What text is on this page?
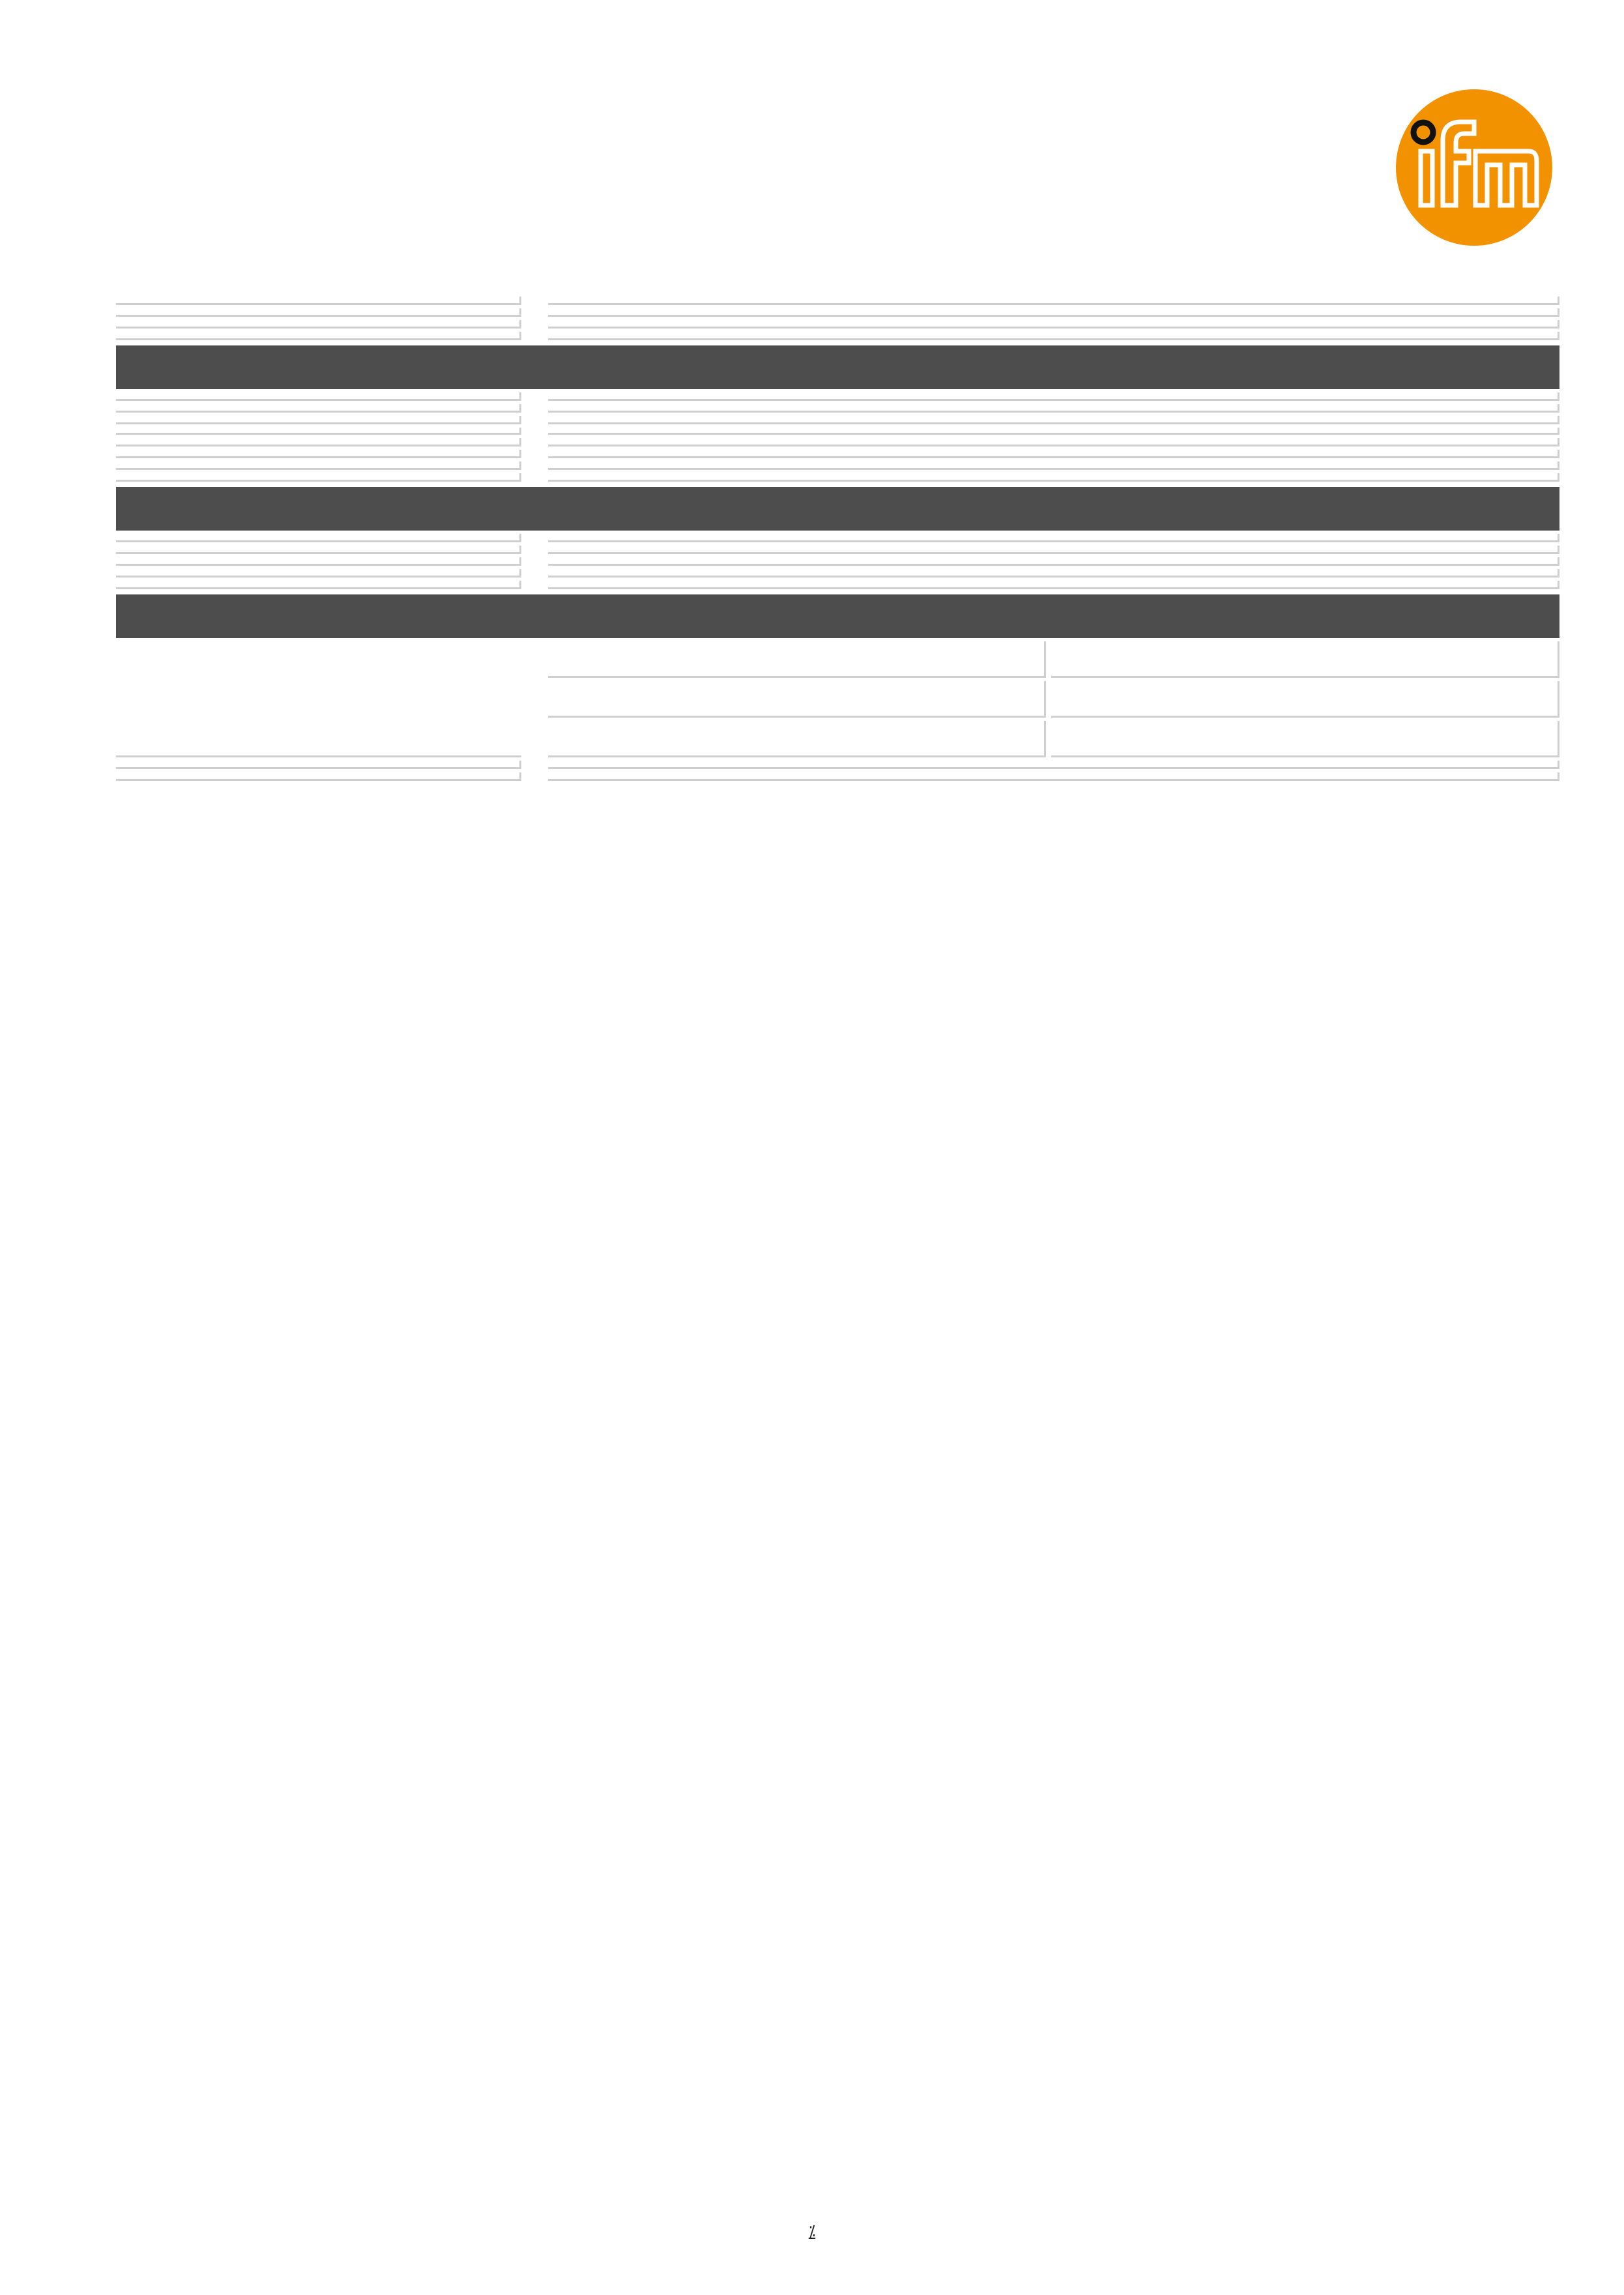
⁒
